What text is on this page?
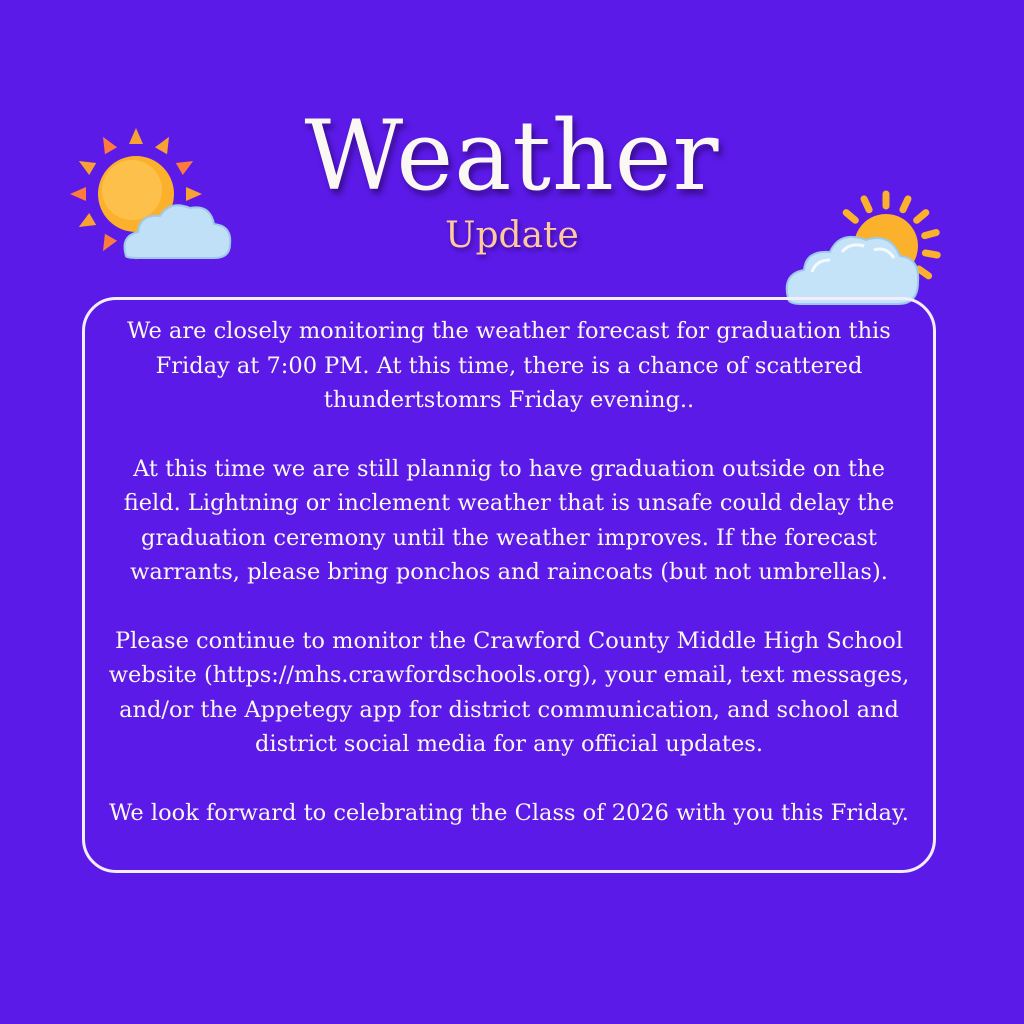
Weather
Update

We are closely monitoring the weather forecast for graduation this Friday at 7:00 PM. At this time, there is a chance of scattered thundertstomrs Friday evening..

At this time we are still plannig to have graduation outside on the field. Lightning or inclement weather that is unsafe could delay the graduation ceremony until the weather improves. If the forecast warrants, please bring ponchos and raincoats (but not umbrellas).

Please continue to monitor the Crawford County Middle High School website (https://mhs.crawfordschools.org), your email, text messages, and/or the Appetegy app for district communication, and school and district social media for any official updates.

We look forward to celebrating the Class of 2026 with you this Friday.
